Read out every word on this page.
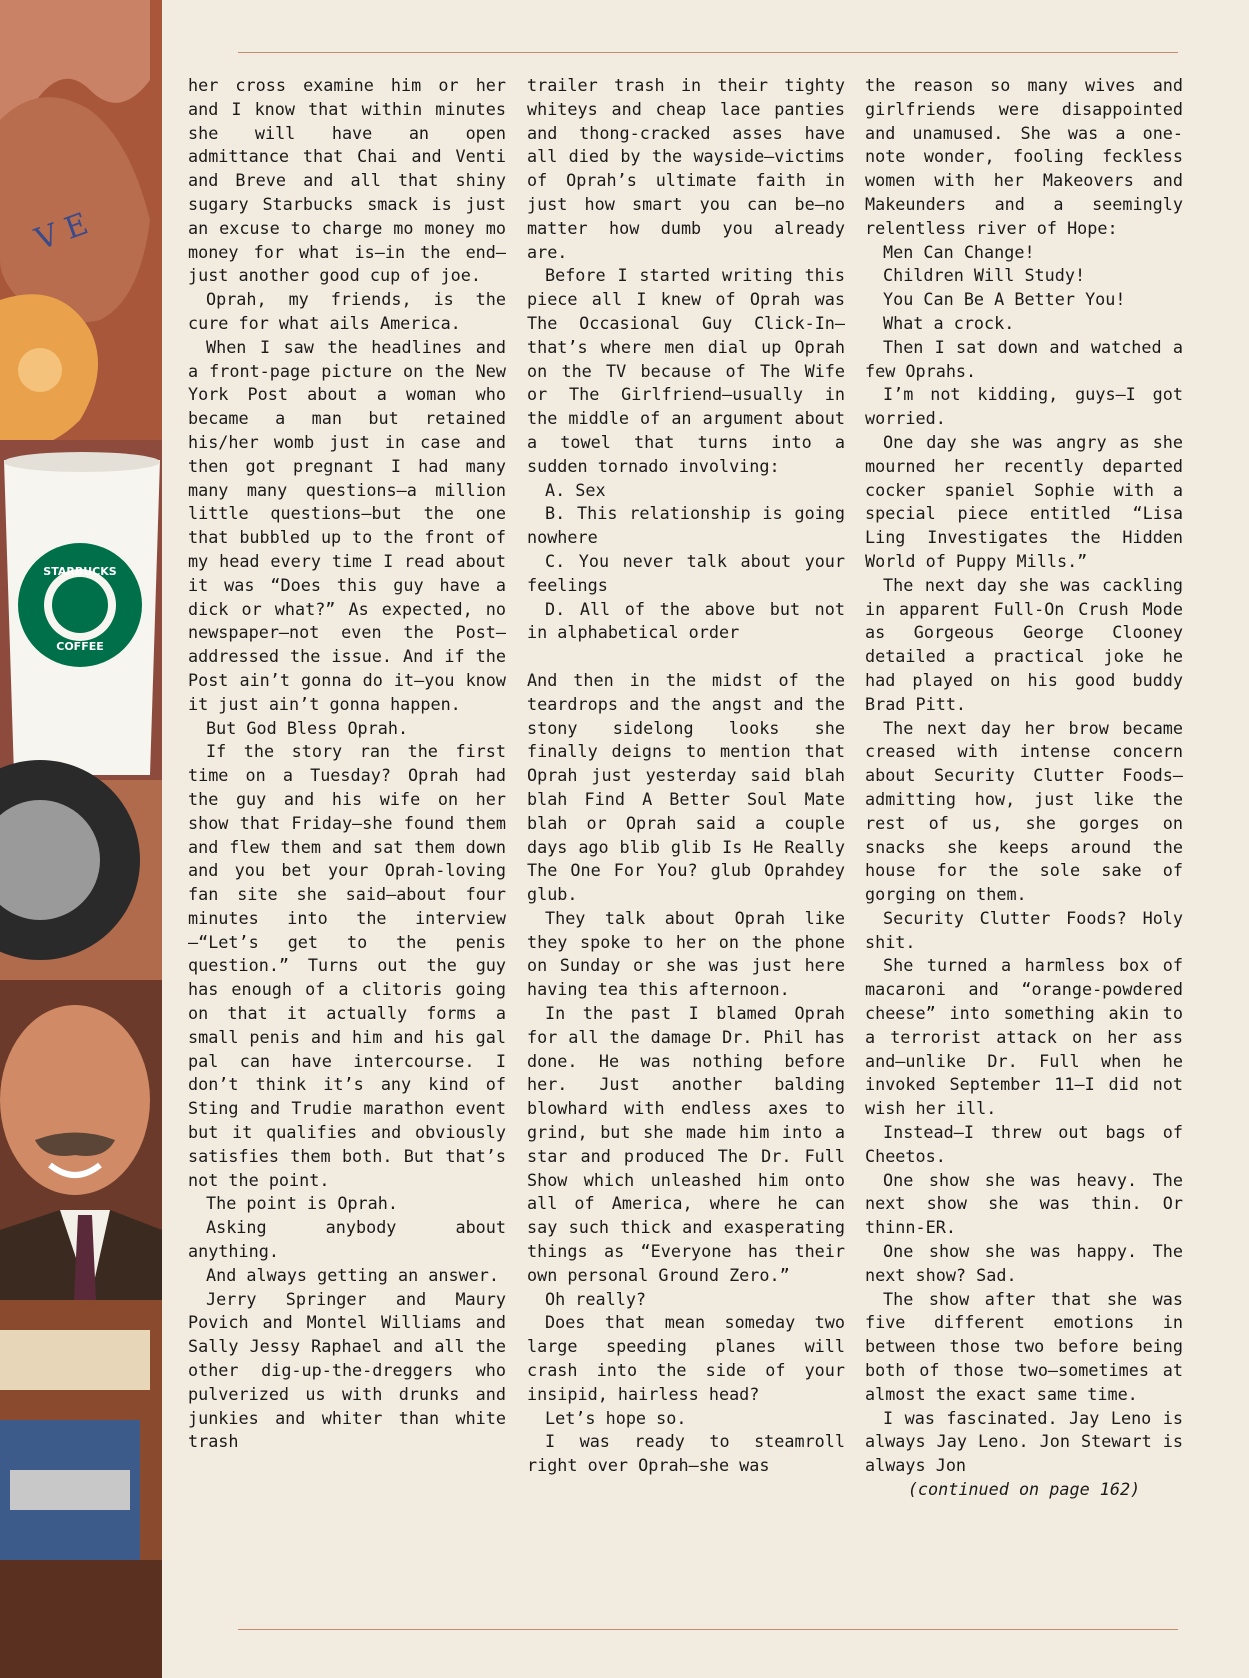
V E
STARBUCKS
COFFEE

her cross examine him or her and I know that within minutes she will have an open admittance that Chai and Venti and Breve and all that shiny sugary Starbucks smack is just an excuse to charge mo money mo money for what is—in the end—just another good cup of joe.

Oprah, my friends, is the cure for what ails America.

When I saw the headlines and a front-page picture on the New York Post about a woman who became a man but retained his/her womb just in case and then got pregnant I had many many many questions—a million little questions—but the one that bubbled up to the front of my head every time I read about it was “Does this guy have a dick or what?” As expected, no newspaper—not even the Post—addressed the issue. And if the Post ain’t gonna do it—you know it just ain’t gonna happen.

But God Bless Oprah.

If the story ran the first time on a Tuesday? Oprah had the guy and his wife on her show that Friday—she found them and flew them and sat them down and you bet your Oprah-loving fan site she said—about four minutes into the interview—“Let’s get to the penis question.” Turns out the guy has enough of a clitoris going on that it actually forms a small penis and him and his gal pal can have intercourse. I don’t think it’s any kind of Sting and Trudie marathon event but it qualifies and obviously satisfies them both. But that’s not the point.

The point is Oprah.

Asking anybody about anything.

And always getting an answer.

Jerry Springer and Maury Povich and Montel Williams and Sally Jessy Raphael and all the other dig-up-the-dreggers who pulverized us with drunks and junkies and whiter than white trash

trailer trash in their tighty whiteys and cheap lace panties and thong-cracked asses have all died by the wayside—victims of Oprah’s ultimate faith in just how smart you can be—no matter how dumb you already are.

Before I started writing this piece all I knew of Oprah was The Occasional Guy Click-In—that’s where men dial up Oprah on the TV because of The Wife or The Girlfriend—usually in the middle of an argument about a towel that turns into a sudden tornado involving:

A. Sex

B. This relationship is going nowhere

C. You never talk about your feelings

D. All of the above but not in alphabetical order

And then in the midst of the teardrops and the angst and the stony sidelong looks she finally deigns to mention that Oprah just yesterday said blah blah Find A Better Soul Mate blah or Oprah said a couple days ago blib glib Is He Really The One For You? glub Oprahdey glub.

They talk about Oprah like they spoke to her on the phone on Sunday or she was just here having tea this afternoon.

In the past I blamed Oprah for all the damage Dr. Phil has done. He was nothing before her. Just another balding blowhard with endless axes to grind, but she made him into a star and produced The Dr. Full Show which unleashed him onto all of America, where he can say such thick and exasperating things as “Everyone has their own personal Ground Zero.”

Oh really?

Does that mean someday two large speeding planes will crash into the side of your insipid, hairless head?

Let’s hope so.

I was ready to steamroll right over Oprah—she was

the reason so many wives and girlfriends were disappointed and unamused. She was a one-note wonder, fooling feckless women with her Makeovers and Makeunders and a seemingly relentless river of Hope:

Men Can Change!

Children Will Study!

You Can Be A Better You!

What a crock.

Then I sat down and watched a few Oprahs.

I’m not kidding, guys—I got worried.

One day she was angry as she mourned her recently departed cocker spaniel Sophie with a special piece entitled “Lisa Ling Investigates the Hidden World of Puppy Mills.”

The next day she was cackling in apparent Full-On Crush Mode as Gorgeous George Clooney detailed a practical joke he had played on his good buddy Brad Pitt.

The next day her brow became creased with intense concern about Security Clutter Foods—admitting how, just like the rest of us, she gorges on snacks she keeps around the house for the sole sake of gorging on them.

Security Clutter Foods? Holy shit.

She turned a harmless box of macaroni and “orange-powdered cheese” into something akin to a terrorist attack on her ass and—unlike Dr. Full when he invoked September 11—I did not wish her ill.

Instead—I threw out bags of Cheetos.

One show she was heavy. The next show she was thin. Or thinn-ER.

One show she was happy. The next show? Sad.

The show after that she was five different emotions in between those two before being both of those two—sometimes at almost the exact same time.

I was fascinated. Jay Leno is always Jay Leno. Jon Stewart is always Jon

(continued on page 162)
